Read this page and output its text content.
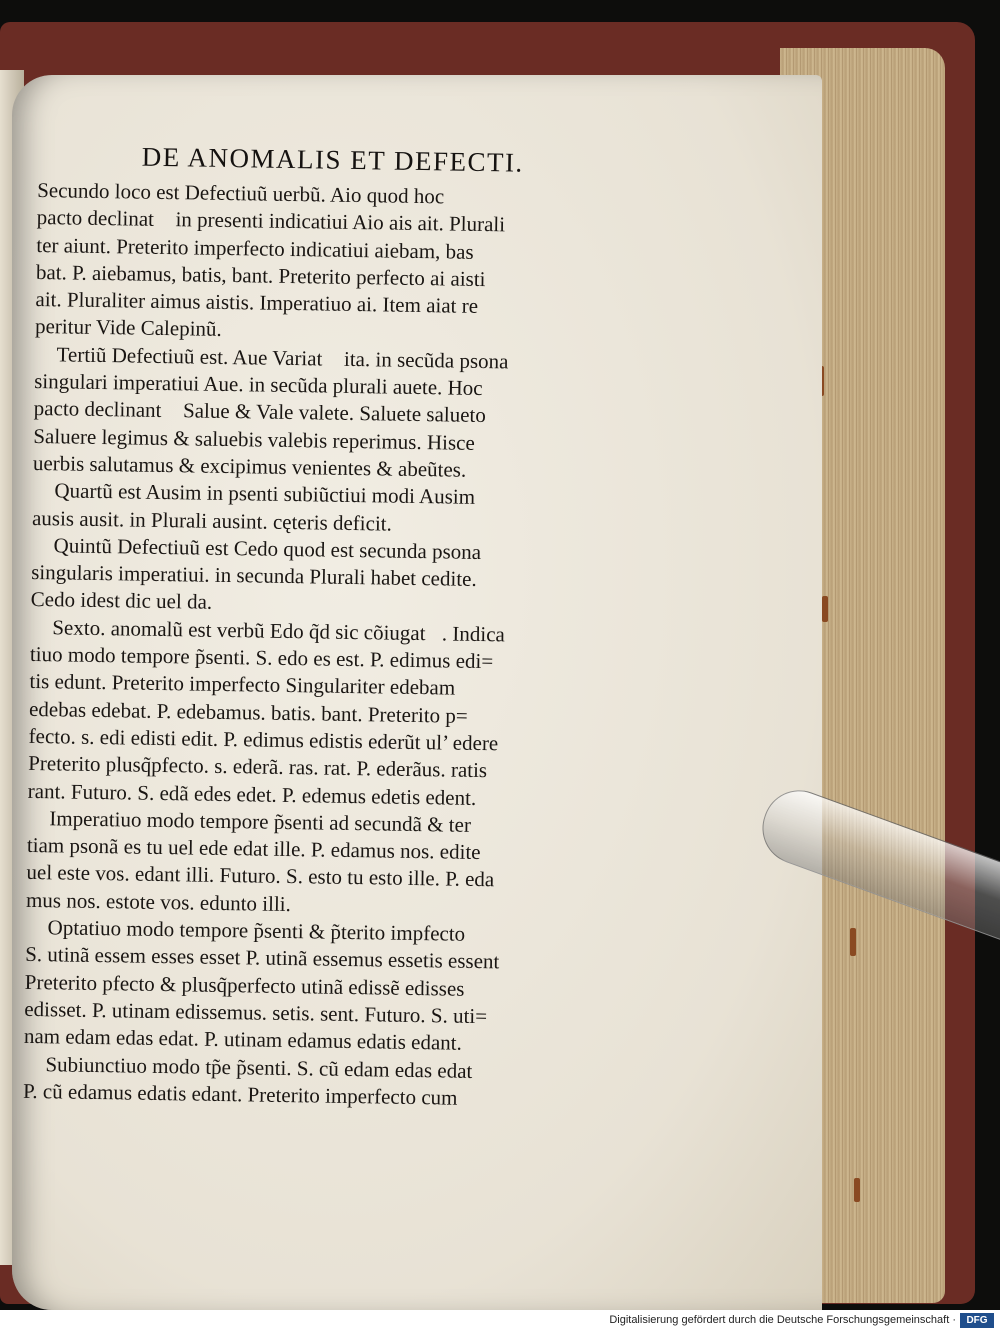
DE ANOMALIS ET DEFECTI.
Secundo loco est Defectiuũ uerbũ. Aio quod hoc
pacto declinatᷓ in presenti indicatiui Aio ais ait. Plurali
ter aiunt. Preterito imperfecto indicatiui aiebam, bas
bat. P. aiebamus, batis, bant. Preterito perfecto ai aisti
ait. Pluraliter aimus aistis. Imperatiuo ai. Item aiat re
peritur Vide Calepinũ.
Tertiũ Defectiuũ est. Aue Variatᷓ ita. in secũda psona
singulari imperatiui Aue. in secũda plurali auete. Hoc
pacto declinantᷓ Salue & Vale valete. Saluete salueto
Saluere legimus & saluebis valebis reperimus. Hisce
uerbis salutamus & excipimus venientes & abeũtes.
Quartũ est Ausim in psenti subiũctiui modi Ausim
ausis ausit. in Plurali ausint. cęteris deficit.
Quintũ Defectiuũ est Cedo quod est secunda psona
singularis imperatiui. in secunda Plurali habet cedite.
Cedo idest dic uel da.
Sexto. anomalũ est verbũ Edo q̃d sic cõiugatᷓ. Indica
tiuo modo tempore p̃senti. S. edo es est. P. edimus edi=
tis edunt. Preterito imperfecto Singulariter edebam
edebas edebat. P. edebamus. batis. bant. Preterito p=
fecto. s. edi edisti edit. P. edimus edistis ederũt ul’ edere
Preterito plusq̃pfecto. s. ederã. ras. rat. P. ederãus. ratis
rant. Futuro. S. edã edes edet. P. edemus edetis edent.
Imperatiuo modo tempore p̃senti ad secundã & ter
tiam psonã es tu uel ede edat ille. P. edamus nos. edite
uel este vos. edant illi. Futuro. S. esto tu esto ille. P. eda
mus nos. estote vos. edunto illi.
Optatiuo modo tempore p̃senti & p̃terito impfecto
S. utinã essem esses esset P. utinã essemus essetis essent
Preterito pfecto & plusq̃perfecto utinã edissẽ edisses
edisset. P. utinam edissemus. setis. sent. Futuro. S. uti=
nam edam edas edat. P. utinam edamus edatis edant.
Subiunctiuo modo tp̃e p̃senti. S. cũ edam edas edat
P. cũ edamus edatis edant. Preterito imperfecto cum
Digitalisierung gefördert durch die Deutsche Forschungsgemeinschaft ·	DFG
